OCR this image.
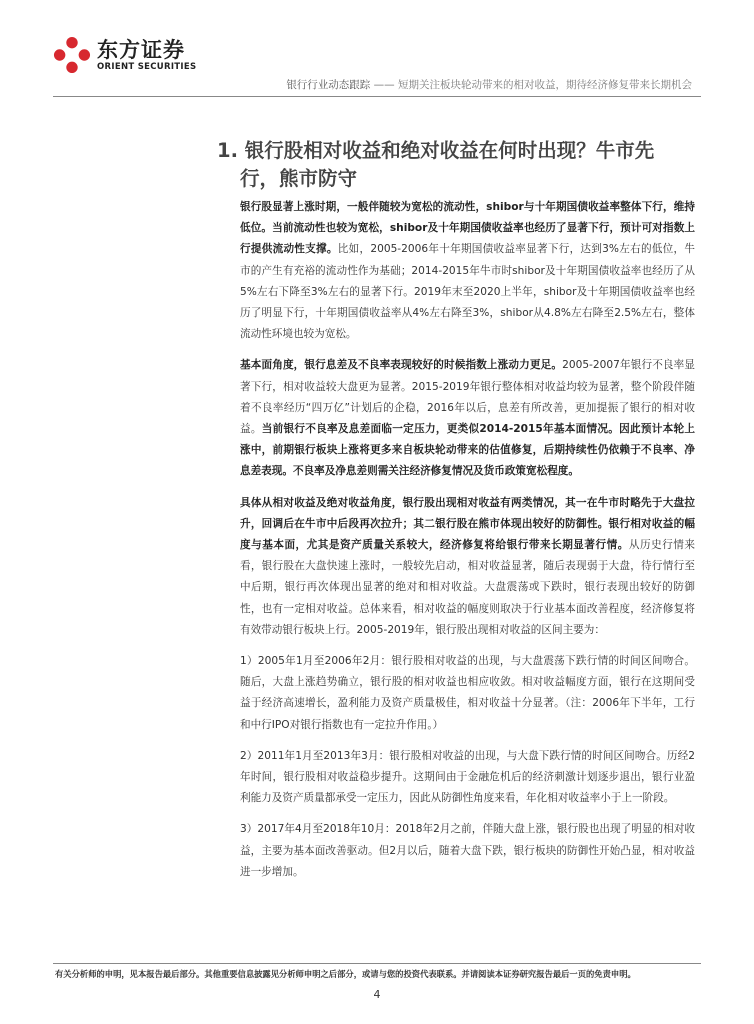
东方证券
ORIENT SECURITIES
银行行业动态跟踪 —— 短期关注板块轮动带来的相对收益，期待经济修复带来长期机会
1. 银行股相对收益和绝对收益在何时出现？牛市先
行，熊市防守

银行股显著上涨时期，一般伴随较为宽松的流动性，shibor与十年期国债收益率整体下行，维持低位。当前流动性也较为宽松，shibor及十年期国债收益率也经历了显著下行，预计可对指数上行提供流动性支撑。比如，2005-2006年十年期国债收益率显著下行，达到3%左右的低位，牛市的产生有充裕的流动性作为基础；2014-2015年牛市时shibor及十年期国债收益率也经历了从5%左右下降至3%左右的显著下行。2019年末至2020上半年，shibor及十年期国债收益率也经历了明显下行，十年期国债收益率从4%左右降至3%，shibor从4.8%左右降至2.5%左右，整体流动性环境也较为宽松。

基本面角度，银行息差及不良率表现较好的时候指数上涨动力更足。2005-2007年银行不良率显著下行，相对收益较大盘更为显著。2015-2019年银行整体相对收益均较为显著，整个阶段伴随着不良率经历“四万亿”计划后的企稳，2016年以后，息差有所改善，更加提振了银行的相对收益。当前银行不良率及息差面临一定压力，更类似2014-2015年基本面情况。因此预计本轮上涨中，前期银行板块上涨将更多来自板块轮动带来的估值修复，后期持续性仍依赖于不良率、净息差表现。不良率及净息差则需关注经济修复情况及货币政策宽松程度。

具体从相对收益及绝对收益角度，银行股出现相对收益有两类情况，其一在牛市时略先于大盘拉升，回调后在牛市中后段再次拉升；其二银行股在熊市体现出较好的防御性。银行相对收益的幅度与基本面，尤其是资产质量关系较大，经济修复将给银行带来长期显著行情。从历史行情来看，银行股在大盘快速上涨时，一般较先启动，相对收益显著，随后表现弱于大盘，待行情行至中后期，银行再次体现出显著的绝对和相对收益。大盘震荡或下跌时，银行表现出较好的防御性，也有一定相对收益。总体来看，相对收益的幅度则取决于行业基本面改善程度，经济修复将有效带动银行板块上行。2005-2019年，银行股出现相对收益的区间主要为：

1）2005年1月至2006年2月：银行股相对收益的出现，与大盘震荡下跌行情的时间区间吻合。随后，大盘上涨趋势确立，银行股的相对收益也相应收敛。相对收益幅度方面，银行在这期间受益于经济高速增长，盈利能力及资产质量极佳，相对收益十分显著。（注：2006年下半年，工行和中行IPO对银行指数也有一定拉升作用。）

2）2011年1月至2013年3月：银行股相对收益的出现，与大盘下跌行情的时间区间吻合。历经2年时间，银行股相对收益稳步提升。这期间由于金融危机后的经济刺激计划逐步退出，银行业盈利能力及资产质量都承受一定压力，因此从防御性角度来看，年化相对收益率小于上一阶段。

3）2017年4月至2018年10月：2018年2月之前，伴随大盘上涨，银行股也出现了明显的相对收益，主要为基本面改善驱动。但2月以后，随着大盘下跌，银行板块的防御性开始凸显，相对收益进一步增加。

有关分析师的申明，见本报告最后部分。其他重要信息披露见分析师申明之后部分，或请与您的投资代表联系。并请阅读本证券研究报告最后一页的免责申明。
4
